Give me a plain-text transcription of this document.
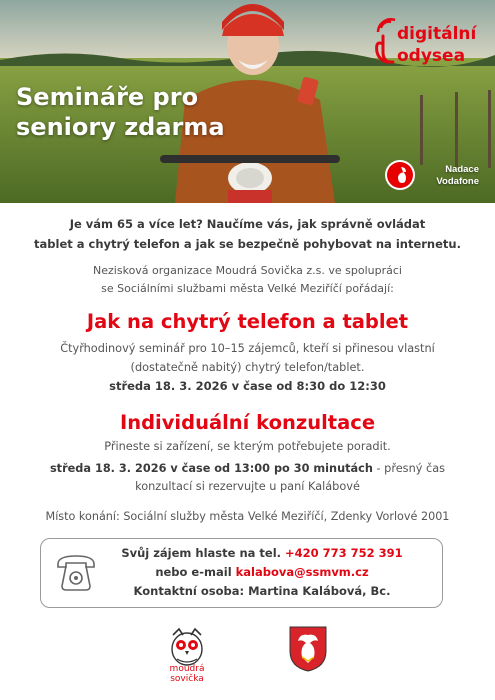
Semináře pro
seniory zdarma
digitální
odysea
Nadace
Vodafone
Je vám 65 a více let? Naučíme vás, jak správně ovládat
tablet a chytrý telefon a jak se bezpečně pohybovat na internetu.
Nezisková organizace Moudrá Sovička z.s. ve spolupráci
se Sociálními službami města Velké Meziříčí pořádají:
Jak na chytrý telefon a tablet
Čtyřhodinový seminář pro 10–15 zájemců, kteří si přinesou vlastní
(dostatečně nabitý) chytrý telefon/tablet.
středa 18. 3. 2026 v čase od 8:30 do 12:30
Individuální konzultace
Přineste si zařízení, se kterým potřebujete poradit.
středa 18. 3. 2026 v čase od 13:00 po 30 minutách - přesný čas
konzultací si rezervujte u paní Kalábové
Místo konání: Sociální služby města Velké Meziříčí, Zdenky Vorlové 2001
Svůj zájem hlaste na tel. +420 773 752 391
nebo e-mail kalabova@ssmvm.cz
Kontaktní osoba: Martina Kalábová, Bc.
moudrá
sovička
